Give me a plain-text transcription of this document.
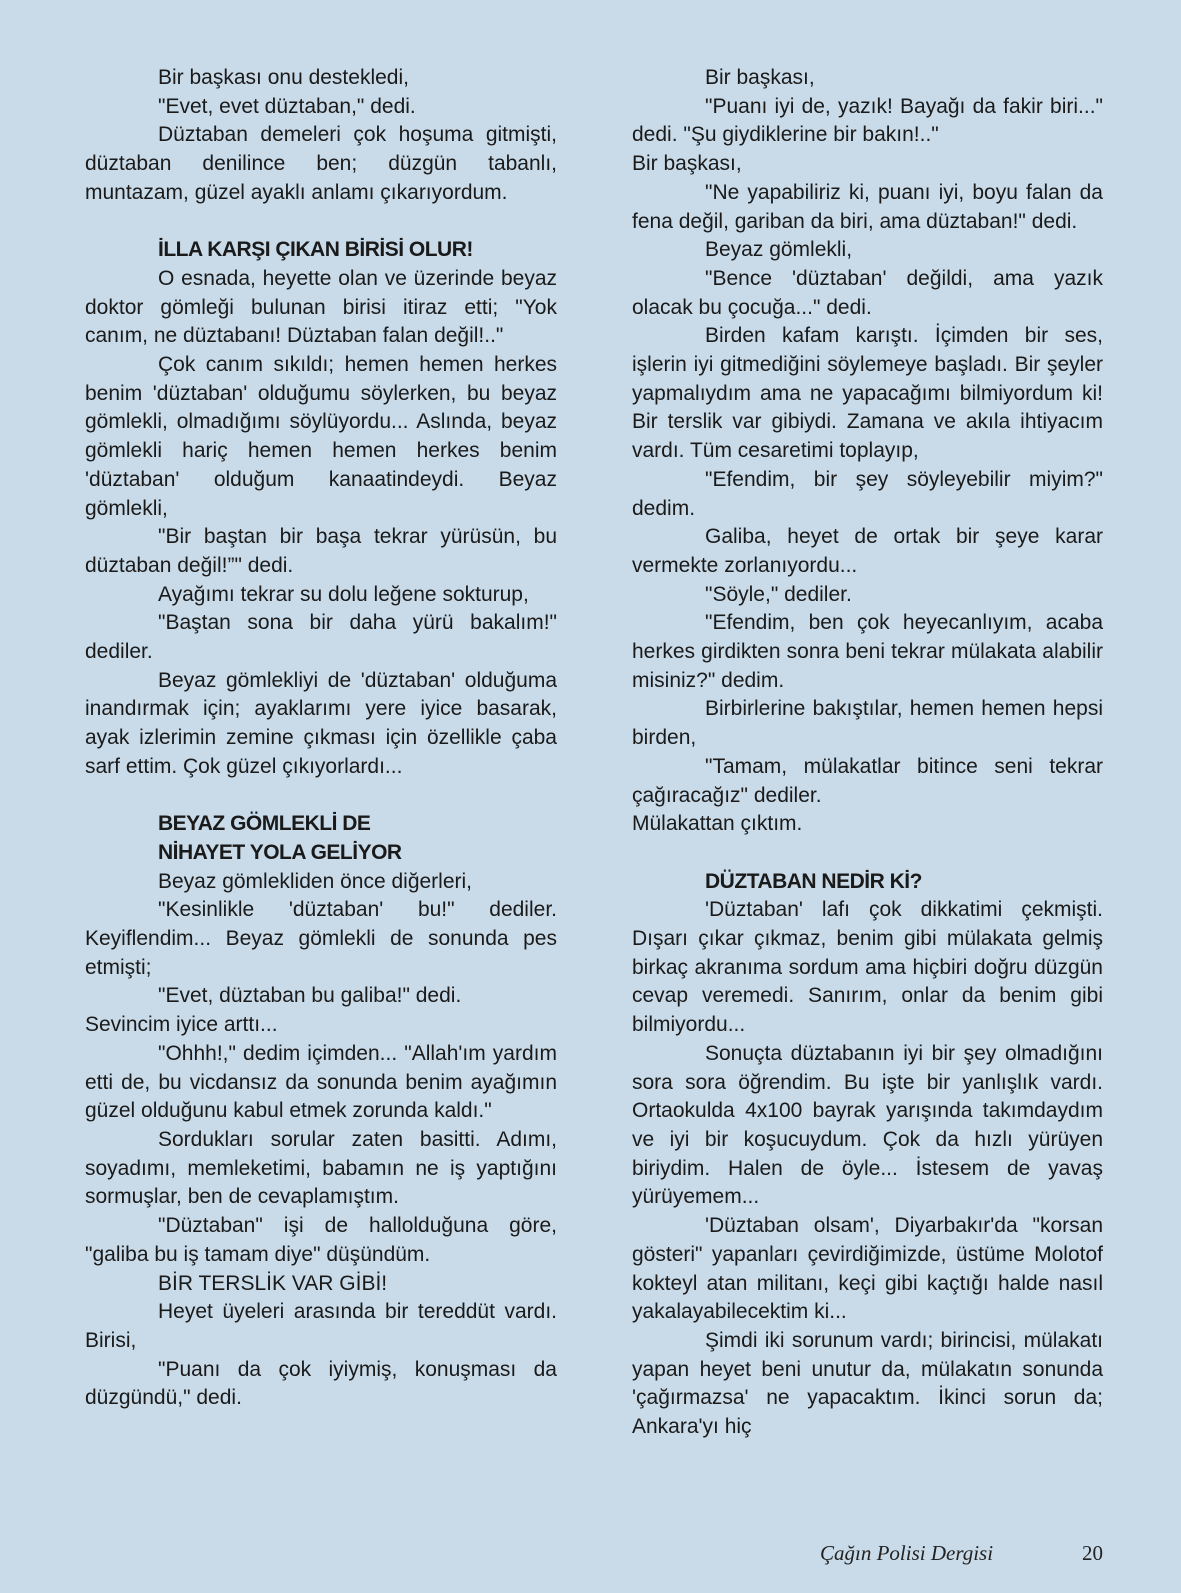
Bir başkası onu destekledi,

"Evet, evet düztaban," dedi.

Düztaban demeleri çok hoşuma gitmişti, düztaban denilince ben; düzgün tabanlı, muntazam, güzel ayaklı anlamı çıkarıyordum.

İLLA KARŞI ÇIKAN BİRİSİ OLUR!

O esnada, heyette olan ve üzerinde beyaz doktor gömleği bulunan birisi itiraz etti; "Yok canım, ne düztabanı! Düztaban falan değil!.."

Çok canım sıkıldı; hemen hemen herkes benim 'düztaban' olduğumu söylerken, bu beyaz gömlekli, olmadığımı söylüyordu... Aslında, beyaz gömlekli hariç hemen hemen herkes benim 'düztaban' olduğum kanaatindeydi. Beyaz gömlekli,

"Bir baştan bir başa tekrar yürüsün, bu düztaban değil!”" dedi.

Ayağımı tekrar su dolu leğene sokturup,

"Baştan sona bir daha yürü bakalım!" dediler.

Beyaz gömlekliyi de 'düztaban' olduğuma inandırmak için; ayaklarımı yere iyice basarak, ayak izlerimin zemine çıkması için özellikle çaba sarf ettim. Çok güzel çıkıyorlardı...

BEYAZ GÖMLEKLİ DE
NİHAYET YOLA GELİYOR

Beyaz gömlekliden önce diğerleri,

"Kesinlikle 'düztaban' bu!" dediler. Keyiflendim... Beyaz gömlekli de sonunda pes etmişti;

"Evet, düztaban bu galiba!" dedi.

Sevincim iyice arttı...

"Ohhh!," dedim içimden... "Allah'ım yardım etti de, bu vicdansız da sonunda benim ayağımın güzel olduğunu kabul etmek zorunda kaldı."

Sordukları sorular zaten basitti. Adımı, soyadımı, memleketimi, babamın ne iş yaptığını sormuşlar, ben de cevaplamıştım.

"Düztaban" işi de hallolduğuna göre, "galiba bu iş tamam diye" düşündüm.

BİR TERSLİK VAR GİBİ!

Heyet üyeleri arasında bir tereddüt vardı. Birisi,

"Puanı da çok iyiymiş, konuşması da düzgündü," dedi.

Bir başkası,

"Puanı iyi de, yazık! Bayağı da fakir biri..." dedi. "Şu giydiklerine bir bakın!.."

Bir başkası,

"Ne yapabiliriz ki, puanı iyi, boyu falan da fena değil, gariban da biri, ama düztaban!" dedi.

Beyaz gömlekli,

"Bence 'düztaban' değildi, ama yazık olacak bu çocuğa..." dedi.

Birden kafam karıştı. İçimden bir ses, işlerin iyi gitmediğini söylemeye başladı. Bir şeyler yapmalıydım ama ne yapacağımı bilmiyordum ki! Bir terslik var gibiydi. Zamana ve akıla ihtiyacım vardı. Tüm cesaretimi toplayıp,

"Efendim, bir şey söyleyebilir miyim?" dedim.

Galiba, heyet de ortak bir şeye karar vermekte zorlanıyordu...

"Söyle," dediler.

"Efendim, ben çok heyecanlıyım, acaba herkes girdikten sonra beni tekrar mülakata alabilir misiniz?" dedim.

Birbirlerine bakıştılar, hemen hemen hepsi birden,

"Tamam, mülakatlar bitince seni tekrar çağıracağız" dediler.

Mülakattan çıktım.

DÜZTABAN NEDİR Kİ?

'Düztaban' lafı çok dikkatimi çekmişti. Dışarı çıkar çıkmaz, benim gibi mülakata gelmiş birkaç akranıma sordum ama hiçbiri doğru düzgün cevap veremedi. Sanırım, onlar da benim gibi bilmiyordu...

Sonuçta düztabanın iyi bir şey olmadığını sora sora öğrendim. Bu işte bir yanlışlık vardı. Ortaokulda 4x100 bayrak yarışında takımdaydım ve iyi bir koşucuydum. Çok da hızlı yürüyen biriydim. Halen de öyle... İstesem de yavaş yürüyemem...

'Düztaban olsam', Diyarbakır'da "korsan gösteri" yapanları çevirdiğimizde, üstüme Molotof kokteyl atan militanı, keçi gibi kaçtığı halde nasıl yakalayabilecektim ki...

Şimdi iki sorunum vardı; birincisi, mülakatı yapan heyet beni unutur da, mülakatın sonunda 'çağırmazsa' ne yapacaktım. İkinci sorun da; Ankara'yı hiç

Çağın Polisi Dergisi	20
